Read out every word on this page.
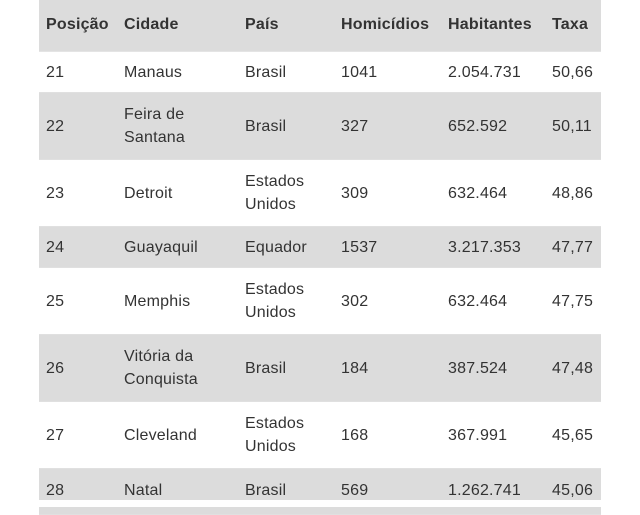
Posição	Cidade	País	Homicídios	Habitantes	Taxa
21	Manaus	Brasil	1041	2.054.731	50,66
22	Feira de Santana	Brasil	327	652.592	50,11
23	Detroit	Estados Unidos	309	632.464	48,86
24	Guayaquil	Equador	1537	3.217.353	47,77
25	Memphis	Estados Unidos	302	632.464	47,75
26	Vitória da Conquista	Brasil	184	387.524	47,48
27	Cleveland	Estados Unidos	168	367.991	45,65
28	Natal	Brasil	569	1.262.741	45,06
